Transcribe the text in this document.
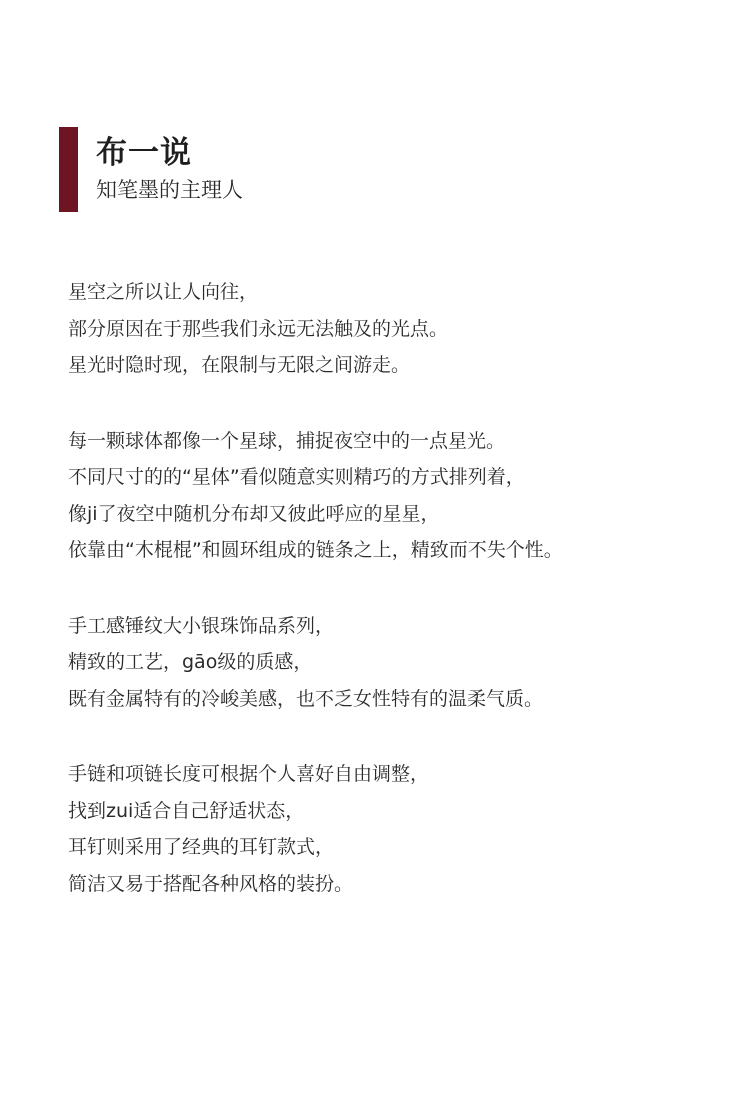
布一说
知笔墨的主理人
星空之所以让人向往，
部分原因在于那些我们永远无法触及的光点。
星光时隐时现，在限制与无限之间游走。
每一颗球体都像一个星球，捕捉夜空中的一点星光。
不同尺寸的的“星体”看似随意实则精巧的方式排列着，
像ji了夜空中随机分布却又彼此呼应的星星，
依靠由“木棍棍”和圆环组成的链条之上，精致而不失个性。
手工感锤纹大小银珠饰品系列，
精致的工艺，gāo级的质感，
既有金属特有的冷峻美感，也不乏女性特有的温柔气质。
手链和项链长度可根据个人喜好自由调整，
找到zui适合自己舒适状态，
耳钉则采用了经典的耳钉款式，
简洁又易于搭配各种风格的装扮。
